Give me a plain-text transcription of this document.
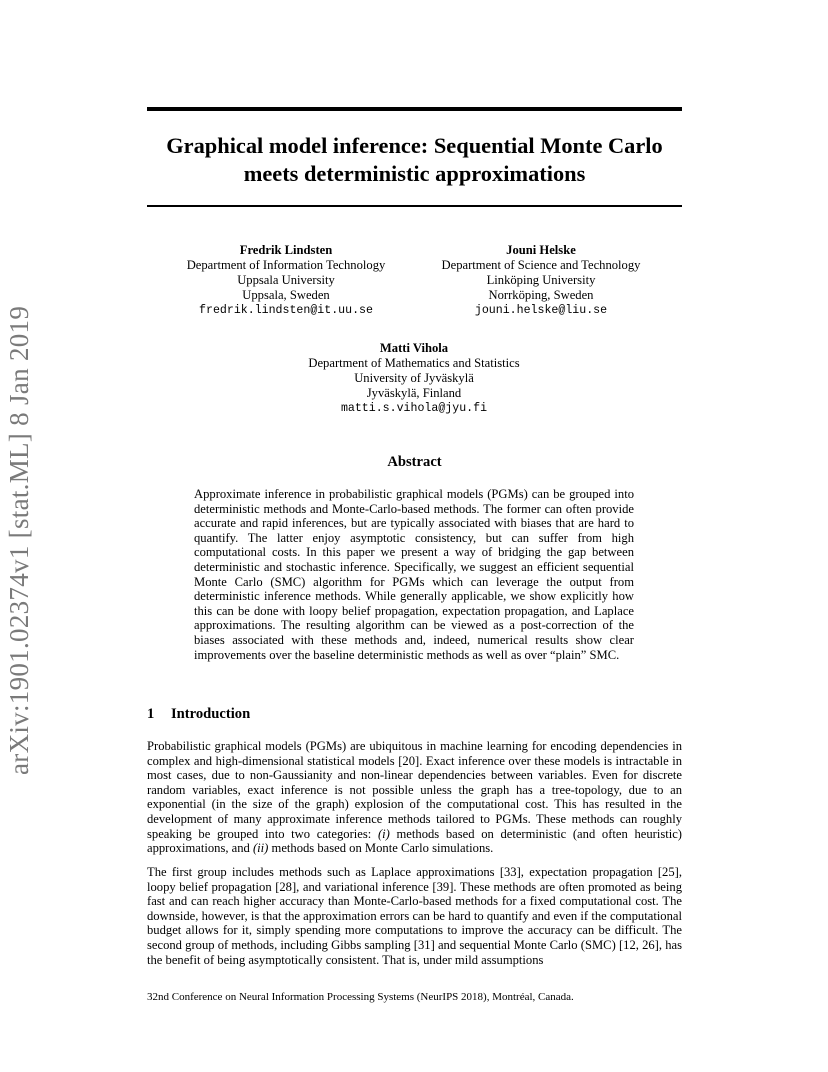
arXiv:1901.02374v1 [stat.ML] 8 Jan 2019
Graphical model inference: Sequential Monte Carlo
meets deterministic approximations
Fredrik Lindsten
Department of Information Technology
Uppsala University
Uppsala, Sweden
fredrik.lindsten@it.uu.se
Jouni Helske
Department of Science and Technology
Linköping University
Norrköping, Sweden
jouni.helske@liu.se
Matti Vihola
Department of Mathematics and Statistics
University of Jyväskylä
Jyväskylä, Finland
matti.s.vihola@jyu.fi
Abstract
Approximate inference in probabilistic graphical models (PGMs) can be grouped into deterministic methods and Monte-Carlo-based methods. The former can often provide accurate and rapid inferences, but are typically associated with biases that are hard to quantify. The latter enjoy asymptotic consistency, but can suffer from high computational costs. In this paper we present a way of bridging the gap between deterministic and stochastic inference. Specifically, we suggest an efficient sequential Monte Carlo (SMC) algorithm for PGMs which can leverage the output from deterministic inference methods. While generally applicable, we show explicitly how this can be done with loopy belief propagation, expectation propagation, and Laplace approximations. The resulting algorithm can be viewed as a post-correction of the biases associated with these methods and, indeed, numerical results show clear improvements over the baseline deterministic methods as well as over “plain” SMC.
1 Introduction
Probabilistic graphical models (PGMs) are ubiquitous in machine learning for encoding dependencies in complex and high-dimensional statistical models [20]. Exact inference over these models is intractable in most cases, due to non-Gaussianity and non-linear dependencies between variables. Even for discrete random variables, exact inference is not possible unless the graph has a tree-topology, due to an exponential (in the size of the graph) explosion of the computational cost. This has resulted in the development of many approximate inference methods tailored to PGMs. These methods can roughly speaking be grouped into two categories: (i) methods based on deterministic (and often heuristic) approximations, and (ii) methods based on Monte Carlo simulations.
The first group includes methods such as Laplace approximations [33], expectation propagation [25], loopy belief propagation [28], and variational inference [39]. These methods are often promoted as being fast and can reach higher accuracy than Monte-Carlo-based methods for a fixed computational cost. The downside, however, is that the approximation errors can be hard to quantify and even if the computational budget allows for it, simply spending more computations to improve the accuracy can be difficult. The second group of methods, including Gibbs sampling [31] and sequential Monte Carlo (SMC) [12, 26], has the benefit of being asymptotically consistent. That is, under mild assumptions
32nd Conference on Neural Information Processing Systems (NeurIPS 2018), Montréal, Canada.
